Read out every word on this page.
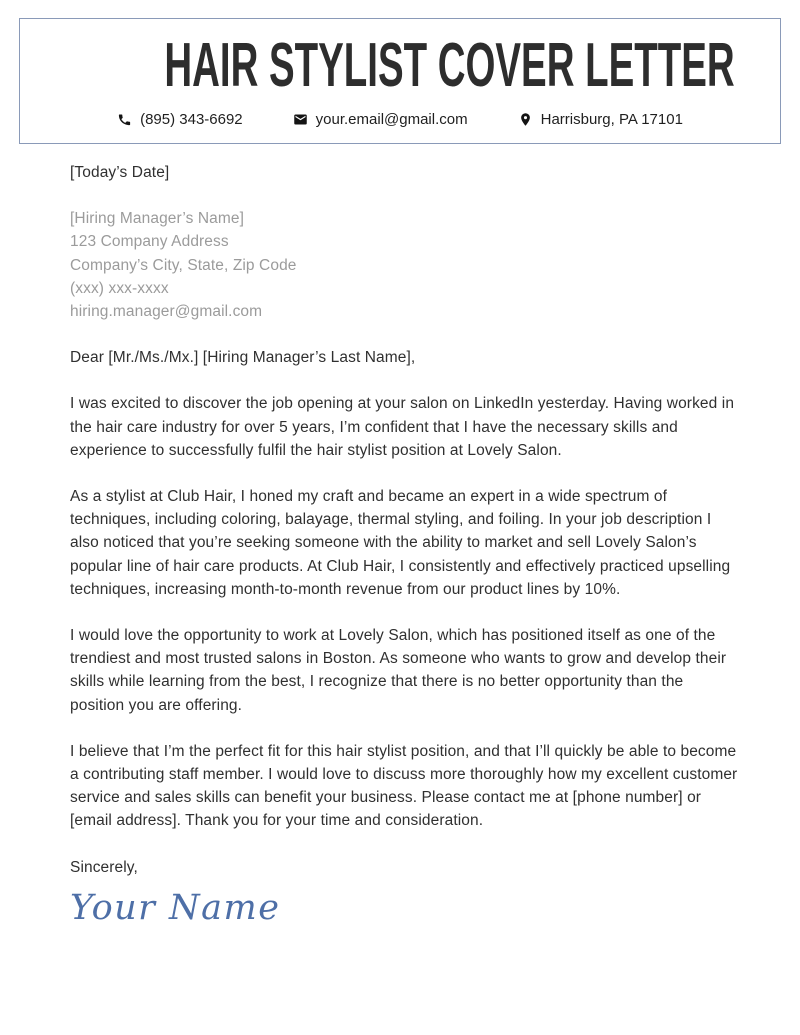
HAIR STYLIST COVER LETTER
(895) 343-6692	your.email@gmail.com	Harrisburg, PA 17101

[Today’s Date]

[Hiring Manager’s Name]
123 Company Address
Company’s City, State, Zip Code
(xxx) xxx-xxxx
hiring.manager@gmail.com

Dear [Mr./Ms./Mx.] [Hiring Manager’s Last Name],

I was excited to discover the job opening at your salon on LinkedIn yesterday. Having worked in the hair care industry for over 5 years, I’m confident that I have the necessary skills and experience to successfully fulfil the hair stylist position at Lovely Salon.

As a stylist at Club Hair, I honed my craft and became an expert in a wide spectrum of techniques, including coloring, balayage, thermal styling, and foiling. In your job description I also noticed that you’re seeking someone with the ability to market and sell Lovely Salon’s popular line of hair care products. At Club Hair, I consistently and effectively practiced upselling techniques, increasing month-to-month revenue from our product lines by 10%.

I would love the opportunity to work at Lovely Salon, which has positioned itself as one of the trendiest and most trusted salons in Boston. As someone who wants to grow and develop their skills while learning from the best, I recognize that there is no better opportunity than the position you are offering.

I believe that I’m the perfect fit for this hair stylist position, and that I’ll quickly be able to become a contributing staff member. I would love to discuss more thoroughly how my excellent customer service and sales skills can benefit your business. Please contact me at [phone number] or [email address]. Thank you for your time and consideration.

Sincerely,

Your Name
